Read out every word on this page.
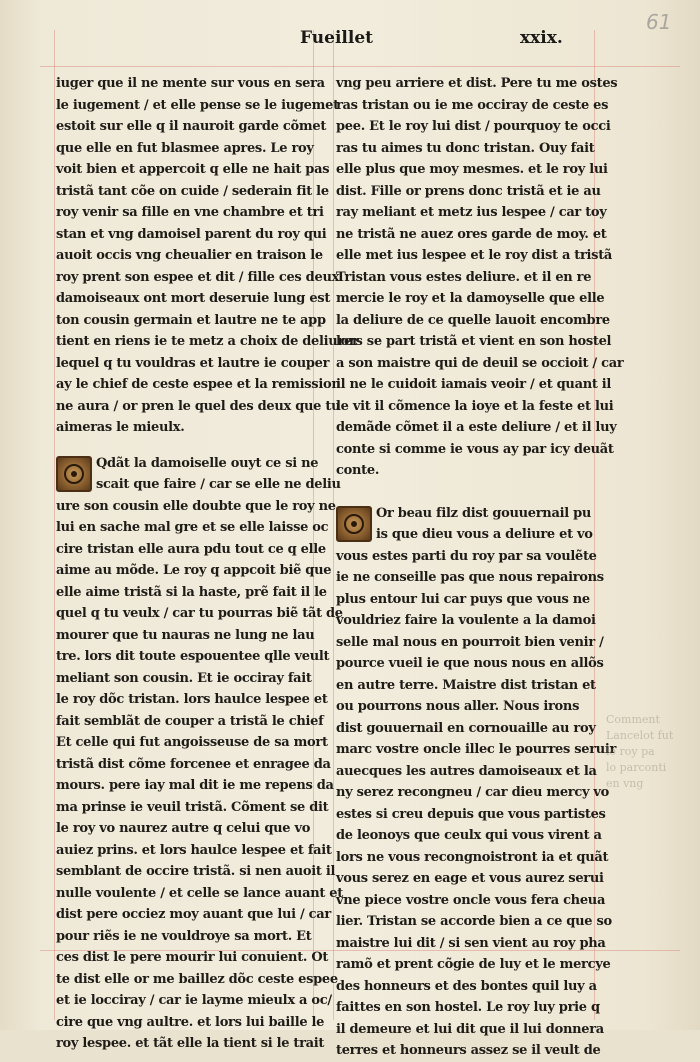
Fueillet	xxix.
61
iuger que il ne mente sur vous en sera
le iugement / et elle pense se le iugemet
estoit sur elle q il nauroit garde cõmet
que elle en fut blasmee apres. Le roy
voit bien et appercoit q elle ne hait pas
tristã tant cõe on cuide / sederain fit le
roy venir sa fille en vne chambre et tri
stan et vng damoisel parent du roy qui
auoit occis vng cheualier en traison le
roy prent son espee et dit / fille ces deux
damoiseaux ont mort deseruie lung est
ton cousin germain et lautre ne te app
tient en riens ie te metz a choix de deliurer
lequel q tu vouldras et lautre ie couper
ay le chief de ceste espee et la remission
ne aura / or pren le quel des deux que tu
aimeras le mieulx.
Qdãt la damoiselle ouyt ce si ne
scait que faire / car se elle ne deliu
ure son cousin elle doubte que le roy ne
lui en sache mal gre et se elle laisse oc
cire tristan elle aura pdu tout ce q elle
aime au mõde. Le roy q appcoit biẽ que
elle aime tristã si la haste, prẽ fait il le
quel q tu veulx / car tu pourras biẽ tãt de
mourer que tu nauras ne lung ne lau
tre. lors dit toute espouentee qlle veult
meliant son cousin. Et ie occiray fait
le roy dõc tristan. lors haulce lespee et
fait semblãt de couper a tristã le chief
Et celle qui fut angoisseuse de sa mort
tristã dist cõme forcenee et enragee da
mours. pere iay mal dit ie me repens da
ma prinse ie veuil tristã. Cõment se dit
le roy vo naurez autre q celui que vo
auiez prins. et lors haulce lespee et fait
semblant de occire tristã. si nen auoit il
nulle voulente / et celle se lance auant et
dist pere occiez moy auant que lui / car
pour riẽs ie ne vouldroye sa mort. Et
ces dist le pere mourir lui conuient. Ot
te dist elle or me baillez dõc ceste espee
et ie locciray / car ie layme mieulx a oc/
cire que vng aultre. et lors lui baille le
roy lespee. et tãt elle la tient si le trait
vng peu arriere et dist. Pere tu me ostes
ras tristan ou ie me occiray de ceste es
pee. Et le roy lui dist / pourquoy te occi
ras tu aimes tu donc tristan. Ouy fait
elle plus que moy mesmes. et le roy lui
dist. Fille or prens donc tristã et ie au
ray meliant et metz ius lespee / car toy
ne tristã ne auez ores garde de moy. et
elle met ius lespee et le roy dist a tristã
Tristan vous estes deliure. et il en re
mercie le roy et la damoyselle que elle
la deliure de ce quelle lauoit encombre
lors se part tristã et vient en son hostel
a son maistre qui de deuil se occioit / car
il ne le cuidoit iamais veoir / et quant il
le vit il cõmence la ioye et la feste et lui
demãde cõmet il a este deliure / et il luy
conte si comme ie vous ay par icy deuãt
conte.
Or beau filz dist gouuernail pu
is que dieu vous a deliure et vo
vous estes parti du roy par sa voulẽte
ie ne conseille pas que nous repairons
plus entour lui car puys que vous ne
vouldriez faire la voulente a la damoi
selle mal nous en pourroit bien venir /
pource vueil ie que nous nous en allõs
en autre terre. Maistre dist tristan et
ou pourrons nous aller. Nous irons
dist gouuernail en cornouaille au roy
marc vostre oncle illec le pourres seruir
auecques les autres damoiseaux et la
ny serez recongneu / car dieu mercy vo
estes si creu depuis que vous partistes
de leonoys que ceulx qui vous virent a
lors ne vous recongnoistront ia et quãt
vous serez en eage et vous aurez serui
vne piece vostre oncle vous fera cheua
lier. Tristan se accorde bien a ce que so
maistre lui dit / si sen vient au roy pha
ramõ et prent cõgie de luy et le mercye
des honneurs et des bontes quil luy a
faittes en son hostel. Le roy luy prie q
il demeure et lui dit que il lui donnera
terres et honneurs assez se il veult de
Comment
Lancelot fut
le roy pa
lo parconti
en vng
